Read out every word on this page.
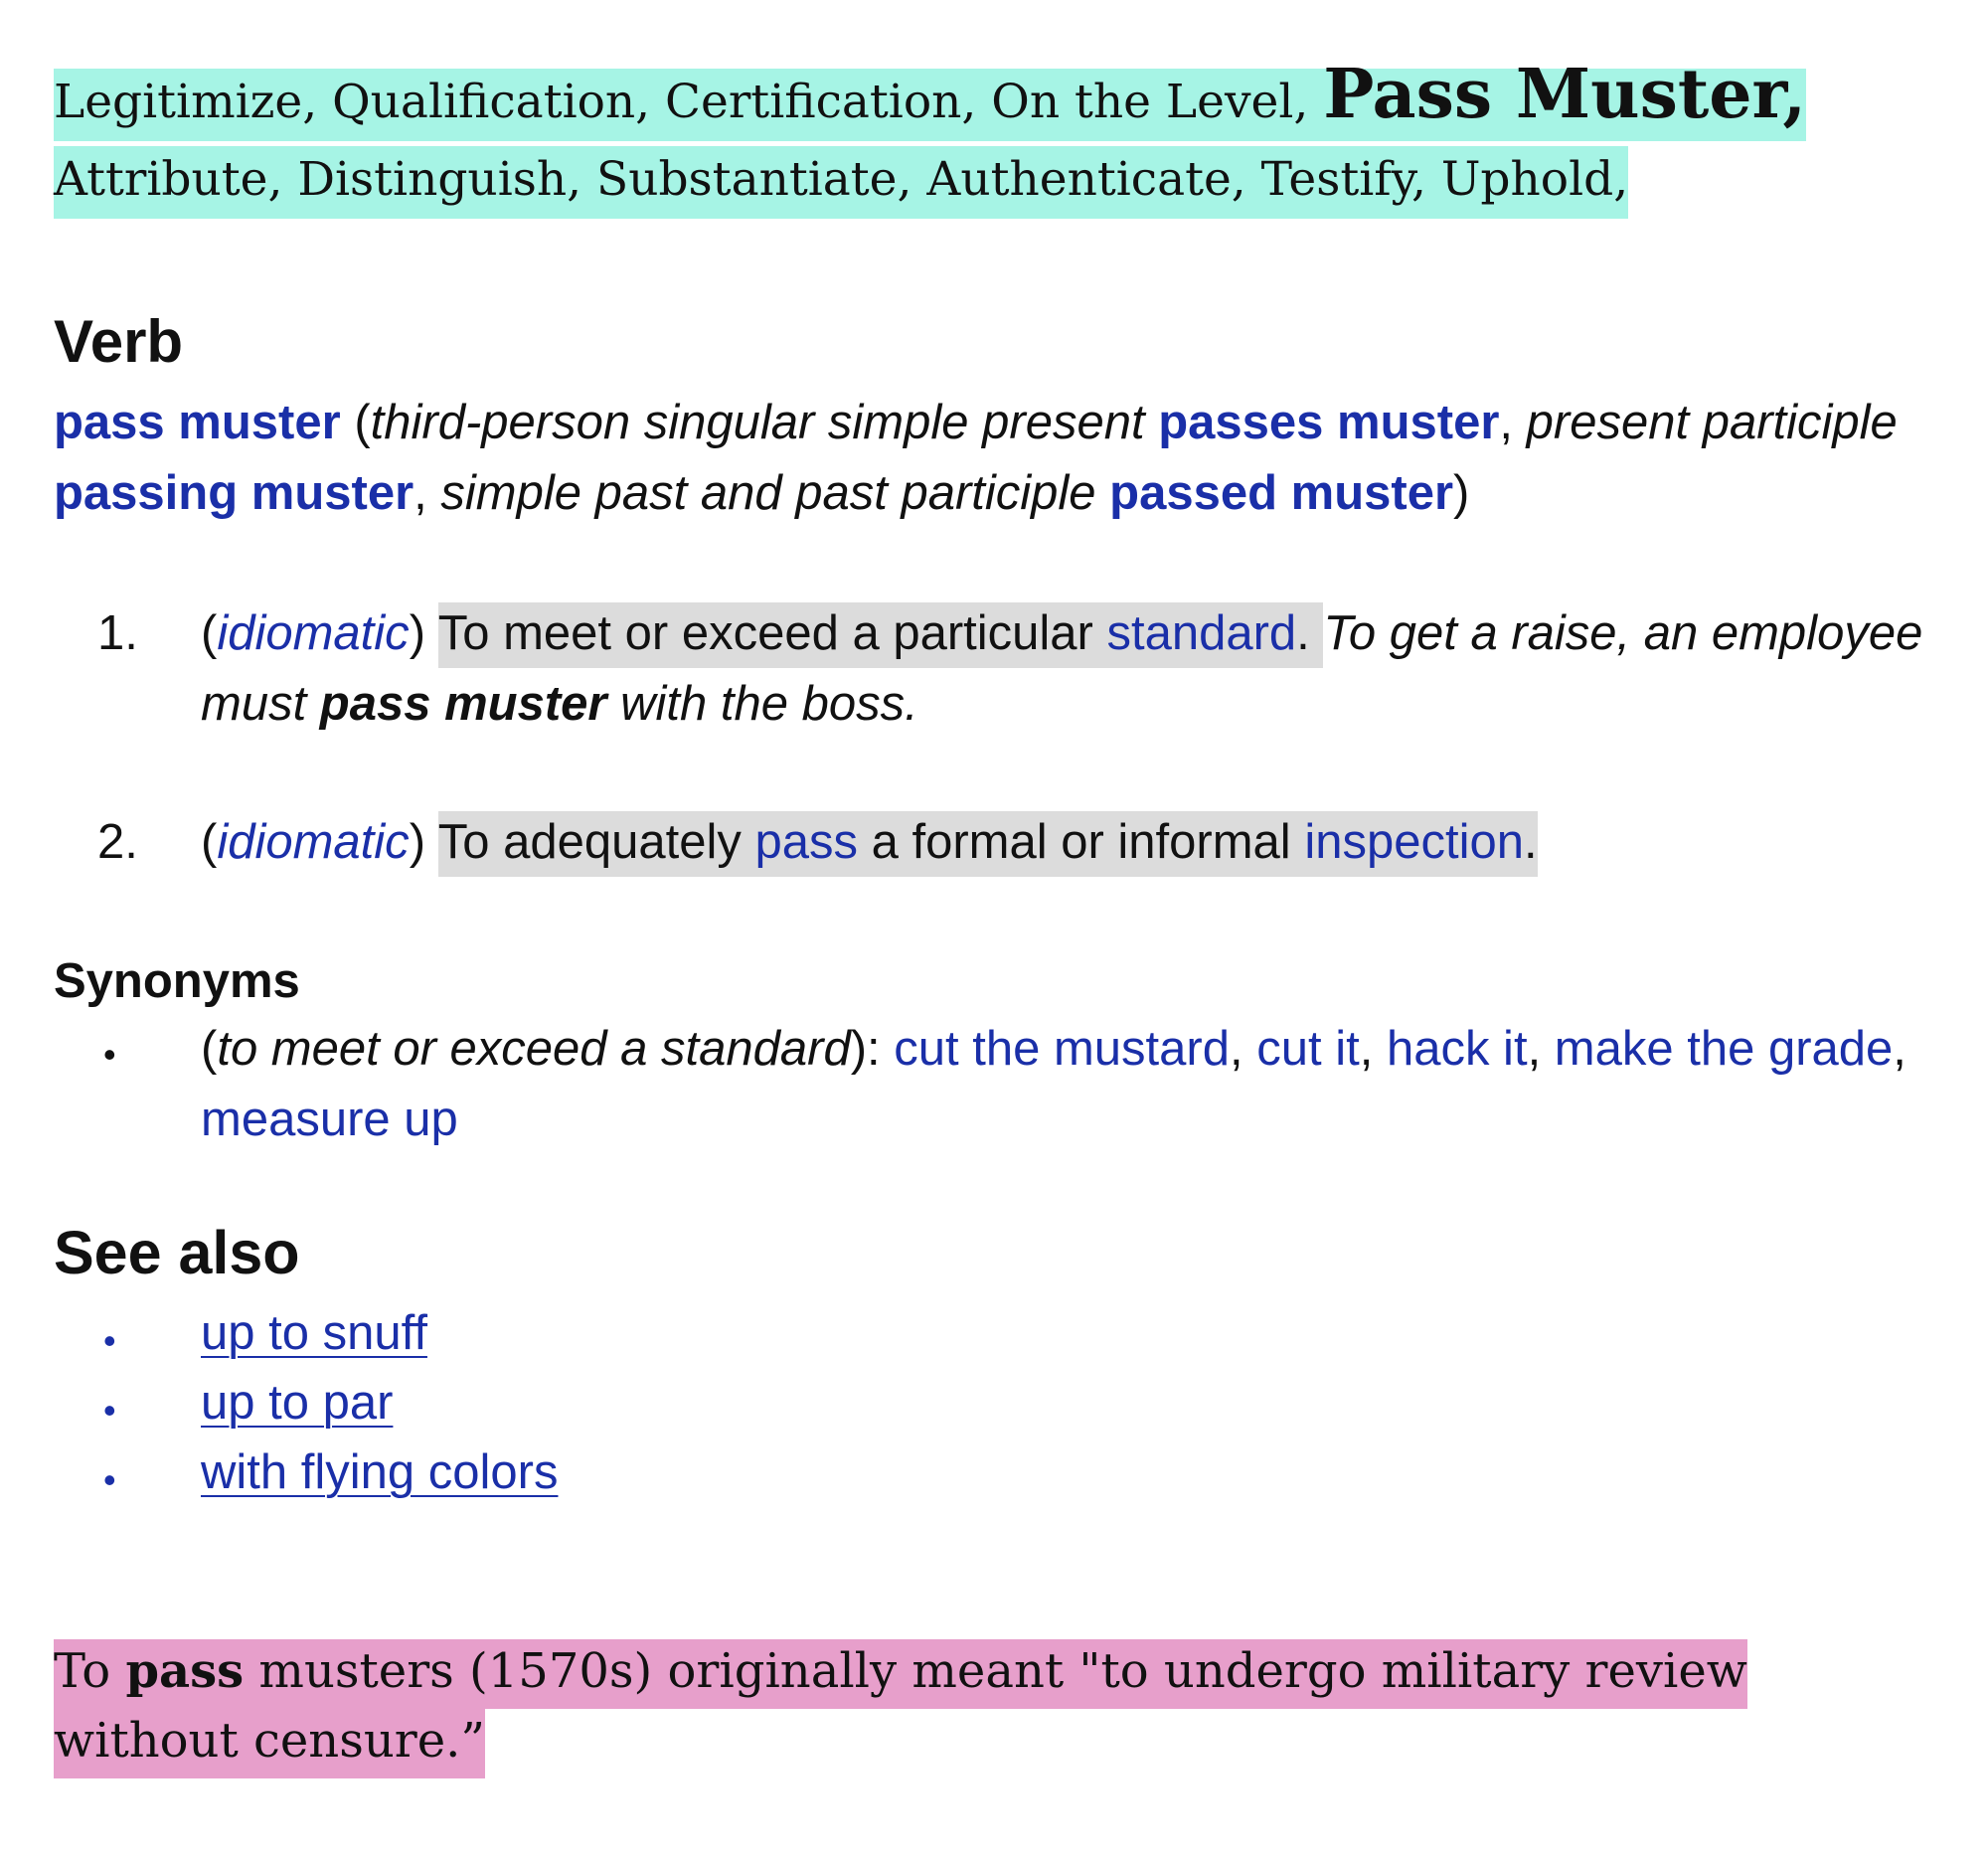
Legitimize, Qualification, Certification, On the Level, Pass Muster,
Attribute, Distinguish, Substantiate, Authenticate, Testify, Uphold,
Verb
pass muster (third-person singular simple present passes muster, present participle passing muster, simple past and past participle passed muster)
1.	(idiomatic) To meet or exceed a particular standard. To get a raise, an employee must pass muster with the boss.
2.	(idiomatic) To adequately pass a formal or informal inspection.
Synonyms
• (to meet or exceed a standard): cut the mustard, cut it, hack it, make the grade, measure up
See also
• up to snuff
• up to par
• with flying colors
To pass musters (1570s) originally meant "to undergo military review without censure.”
